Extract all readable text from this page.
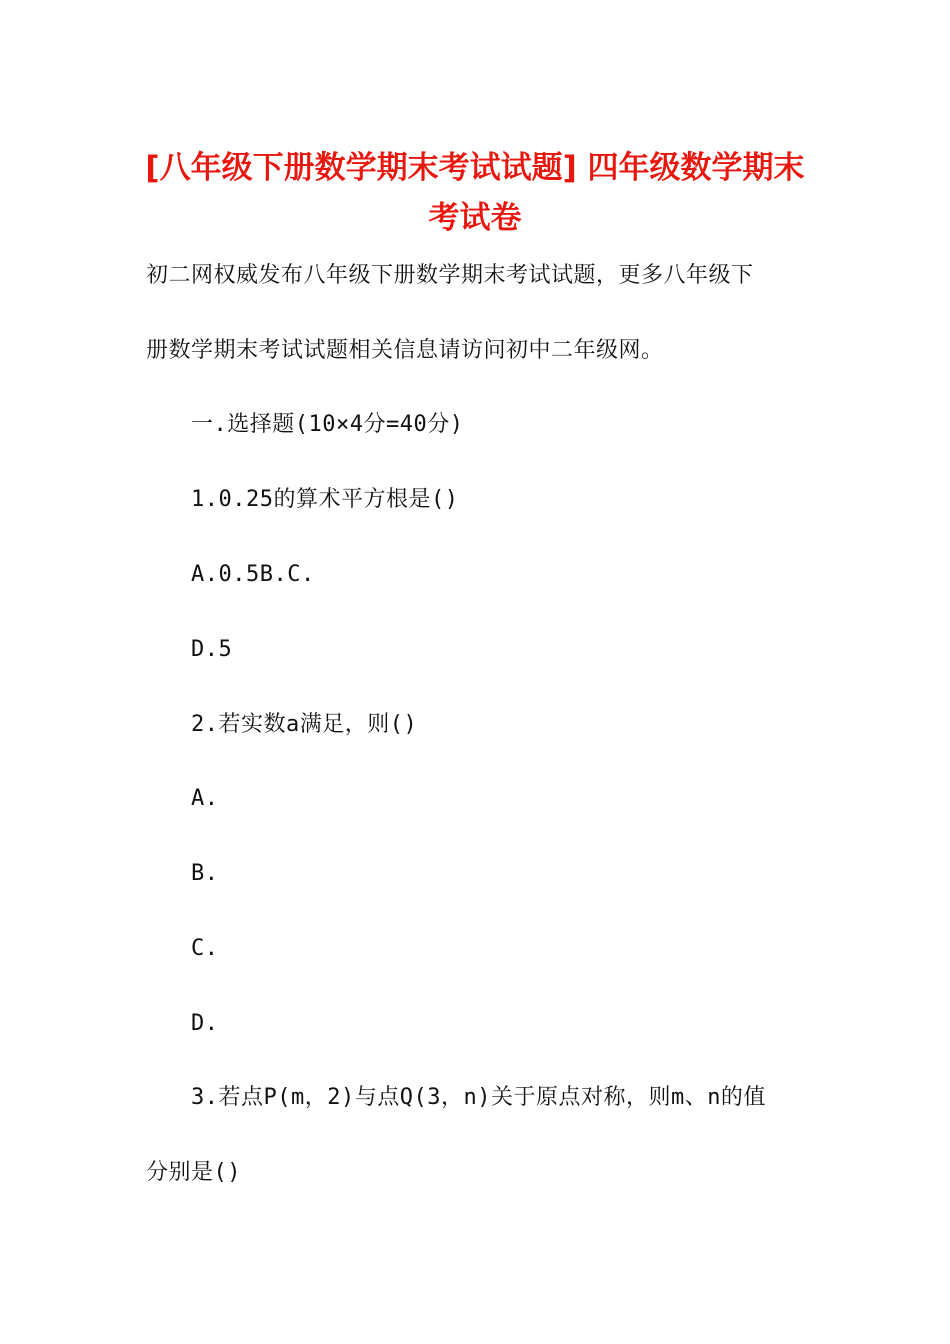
[八年级下册数学期末考试试题] 四年级数学期末考试卷

初二网权威发布八年级下册数学期末考试试题，更多八年级下

册数学期末考试试题相关信息请访问初中二年级网。

一.选择题(10×4分=40分)

1.0.25的算术平方根是()

A.0.5B.C.

D.5

2.若实数a满足，则()

A.

B.

C.

D.

3.若点P(m，2)与点Q(3，n)关于原点对称，则m、n的值

分别是()
